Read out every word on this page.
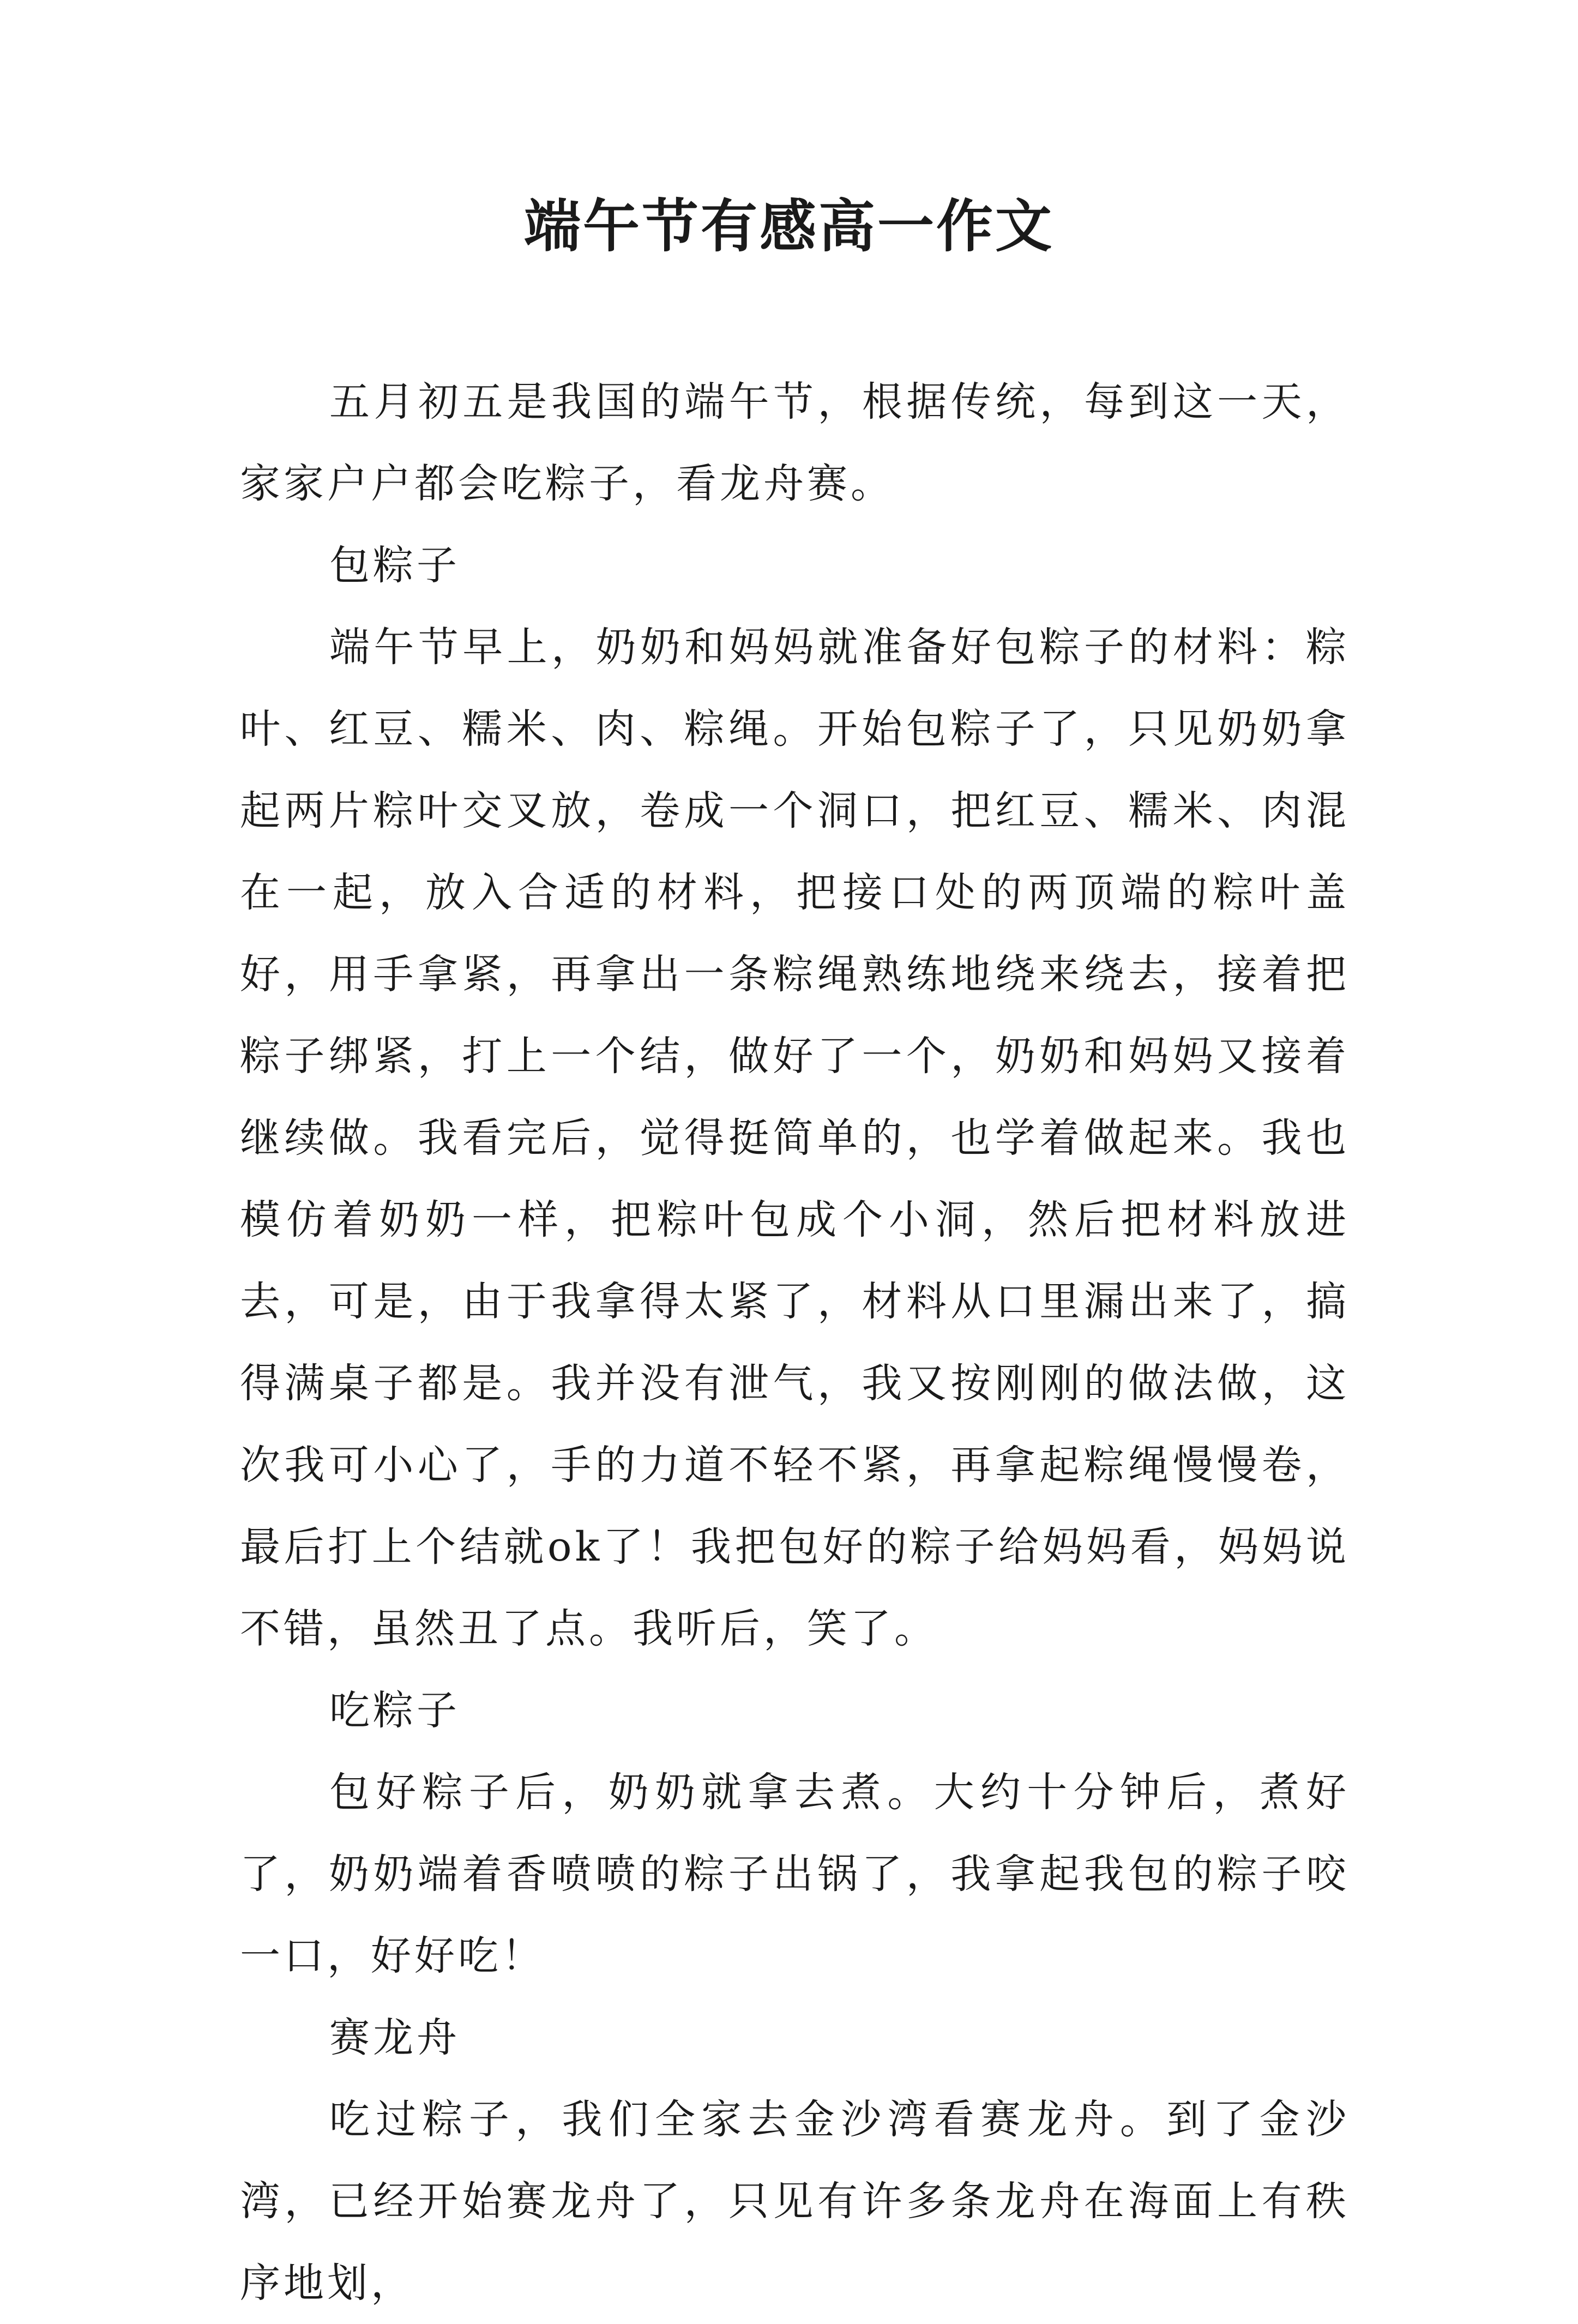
端午节有感高一作文

五月初五是我国的端午节，根据传统，每到这一天，家家户户都会吃粽子，看龙舟赛。

包粽子

端午节早上，奶奶和妈妈就准备好包粽子的材料：粽叶、红豆、糯米、肉、粽绳。开始包粽子了，只见奶奶拿起两片粽叶交叉放，卷成一个洞口，把红豆、糯米、肉混在一起，放入合适的材料，把接口处的两顶端的粽叶盖好，用手拿紧，再拿出一条粽绳熟练地绕来绕去，接着把粽子绑紧，打上一个结，做好了一个，奶奶和妈妈又接着继续做。我看完后，觉得挺简单的，也学着做起来。我也模仿着奶奶一样，把粽叶包成个小洞，然后把材料放进去，可是，由于我拿得太紧了，材料从口里漏出来了，搞得满桌子都是。我并没有泄气，我又按刚刚的做法做，这次我可小心了，手的力道不轻不紧，再拿起粽绳慢慢卷，最后打上个结就ok了！我把包好的粽子给妈妈看，妈妈说不错，虽然丑了点。我听后，笑了。

吃粽子

包好粽子后，奶奶就拿去煮。大约十分钟后，煮好了，奶奶端着香喷喷的粽子出锅了，我拿起我包的粽子咬一口，好好吃！

赛龙舟

吃过粽子，我们全家去金沙湾看赛龙舟。到了金沙湾，已经开始赛龙舟了，只见有许多条龙舟在海面上有秩序地划，
